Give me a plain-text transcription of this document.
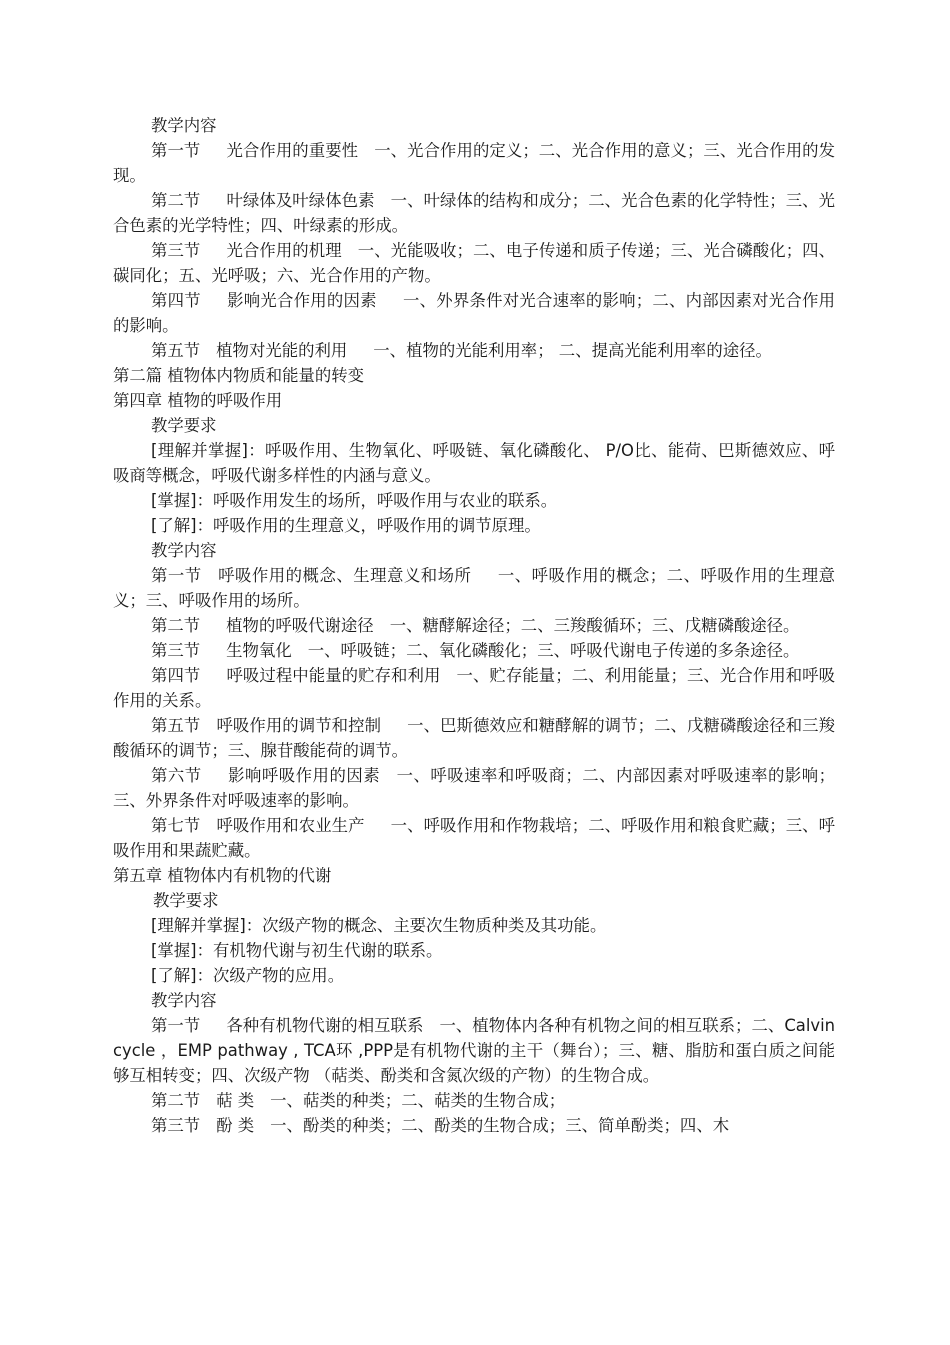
教学内容

第一节 光合作用的重要性 一、光合作用的定义；二、光合作用的意义；三、光合作用的发现。

第二节 叶绿体及叶绿体色素 一、叶绿体的结构和成分；二、光合色素的化学特性；三、光合色素的光学特性；四、叶绿素的形成。

第三节 光合作用的机理 一、光能吸收；二、电子传递和质子传递；三、光合磷酸化；四、碳同化；五、光呼吸；六、光合作用的产物。

第四节 影响光合作用的因素 一、外界条件对光合速率的影响；二、内部因素对光合作用的影响。

第五节 植物对光能的利用 一、植物的光能利用率； 二、提高光能利用率的途径。

第二篇 植物体内物质和能量的转变

第四章 植物的呼吸作用

教学要求

[理解并掌握]：呼吸作用、生物氧化、呼吸链、氧化磷酸化、 P/O比、能荷、巴斯德效应、呼吸商等概念，呼吸代谢多样性的内涵与意义。

[掌握]：呼吸作用发生的场所，呼吸作用与农业的联系。

[了解]：呼吸作用的生理意义，呼吸作用的调节原理。

教学内容

第一节 呼吸作用的概念、生理意义和场所 一、呼吸作用的概念；二、呼吸作用的生理意义；三、呼吸作用的场所。

第二节 植物的呼吸代谢途径 一、糖酵解途径；二、三羧酸循环；三、戊糖磷酸途径。

第三节 生物氧化 一、呼吸链；二、氧化磷酸化；三、呼吸代谢电子传递的多条途径。

第四节 呼吸过程中能量的贮存和利用 一、贮存能量；二、利用能量；三、光合作用和呼吸作用的关系。

第五节 呼吸作用的调节和控制 一、巴斯德效应和糖酵解的调节；二、戊糖磷酸途径和三羧酸循环的调节；三、腺苷酸能荷的调节。

第六节 影响呼吸作用的因素 一、呼吸速率和呼吸商；二、内部因素对呼吸速率的影响；三、外界条件对呼吸速率的影响。

第七节 呼吸作用和农业生产 一、呼吸作用和作物栽培；二、呼吸作用和粮食贮藏；三、呼吸作用和果蔬贮藏。

第五章 植物体内有机物的代谢

教学要求

[理解并掌握]：次级产物的概念、主要次生物质种类及其功能。

[掌握]：有机物代谢与初生代谢的联系。

[了解]：次级产物的应用。

教学内容

第一节 各种有机物代谢的相互联系 一、植物体内各种有机物之间的相互联系；二、Calvin cycle ，EMP pathway , TCA环 ,PPP是有机物代谢的主干（舞台）；三、糖、脂肪和蛋白质之间能够互相转变；四、次级产物 （萜类、酚类和含氮次级的产物）的生物合成。

第二节 萜 类 一、萜类的种类；二、萜类的生物合成；

第三节 酚 类 一、酚类的种类；二、酚类的生物合成；三、简单酚类；四、木
